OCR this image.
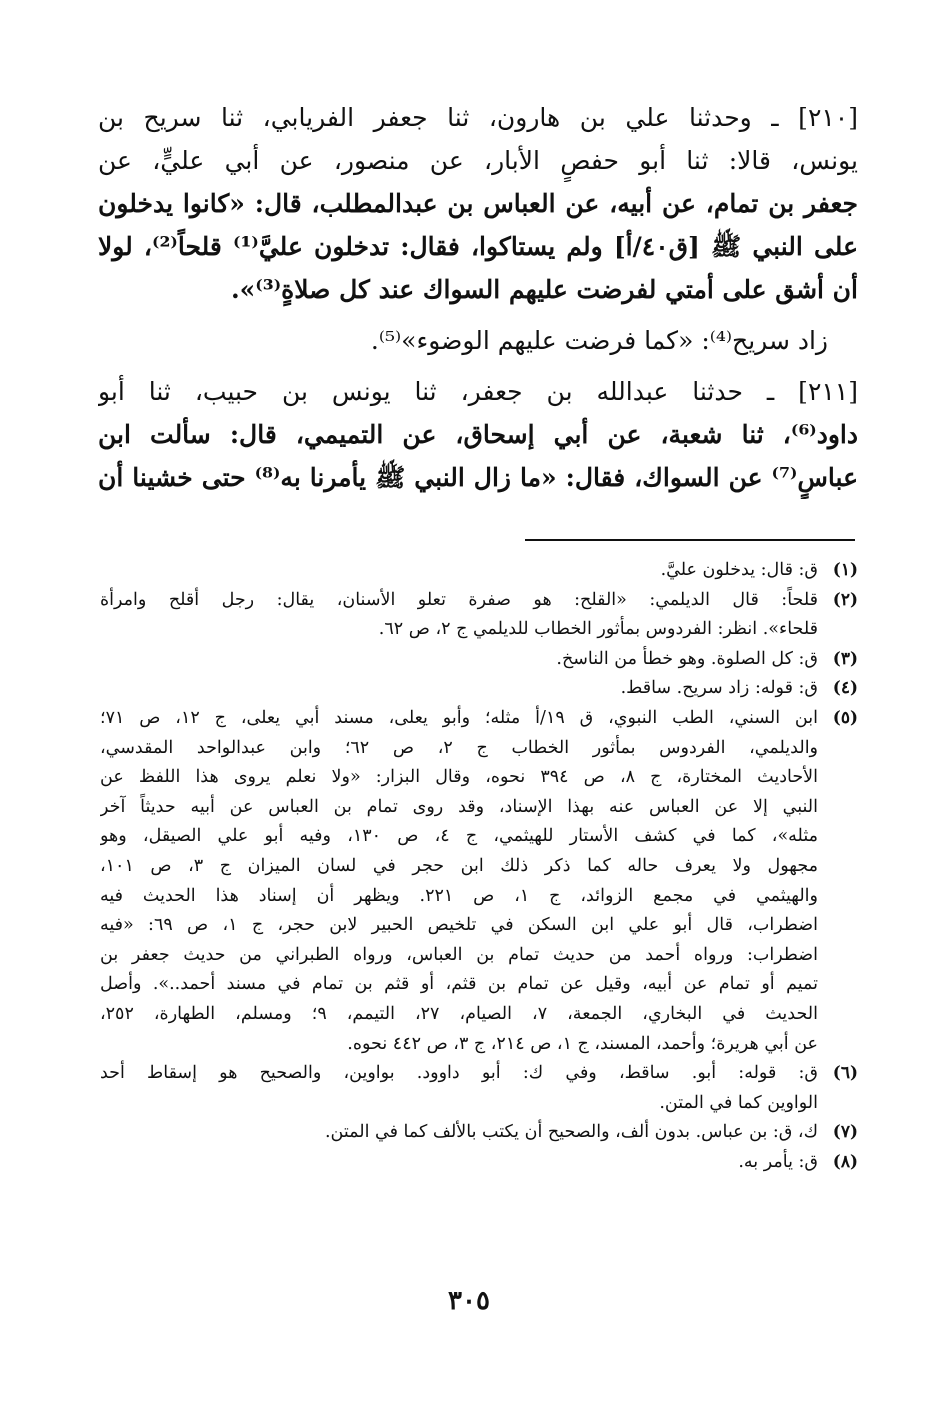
[٢١٠] ـ وحدثنا علي بن هارون، ثنا جعفر الفريابي، ثنا سريح بن
يونس، قالا: ثنا أبو حفصٍ الأبار، عن منصور، عن أبي عليٍّ، عن
جعفر بن تمام، عن أبيه، عن العباس بن عبدالمطلب، قال: «كانوا يدخلون
على النبي ﷺ [ق٤٠/أ] ولم يستاكوا، فقال: تدخلون عليَّ⁽¹⁾ قلحاً⁽²⁾، لولا
أن أشق على أمتي لفرضت عليهم السواك عند كل صلاةٍ⁽³⁾».
زاد سريح⁽⁴⁾: «كما فرضت عليهم الوضوء»⁽⁵⁾.
[٢١١] ـ حدثنا عبدالله بن جعفر، ثنا يونس بن حبيب، ثنا أبو
داود⁽⁶⁾، ثنا شعبة، عن أبي إسحاق، عن التميمي، قال: سألت ابن
عباسٍ⁽⁷⁾ عن السواك، فقال: «ما زال النبي ﷺ يأمرنا به⁽⁸⁾ حتى خشينا أن
(١)
ق: قال: يدخلون عليَّ.
(٢)
قلحاً: قال الديلمي: «القلح: هو صفرة تعلو الأسنان، يقال: رجل أقلح وامرأة
قلحاء». انظر: الفردوس بمأثور الخطاب للديلمي ج ٢، ص ٦٢.
(٣)
ق: كل الصلوة. وهو خطأ من الناسخ.
(٤)
ق: قوله: زاد سريح. ساقط.
(٥)
ابن السني، الطب النبوي، ق ١٩/أ مثله؛ وأبو يعلى، مسند أبي يعلى، ج ١٢، ص ٧١؛
والديلمي، الفردوس بمأثور الخطاب ج ٢، ص ٦٢؛ وابن عبدالواحد المقدسي،
الأحاديث المختارة، ج ٨، ص ٣٩٤ نحوه، وقال البزار: «ولا نعلم يروى هذا اللفظ عن
النبي إلا عن العباس عنه بهذا الإسناد، وقد روى تمام بن العباس عن أبيه حديثاً آخر
مثله»، كما في كشف الأستار للهيثمي، ج ٤، ص ١٣٠، وفيه أبو علي الصيقل، وهو
مجهول ولا يعرف حاله كما ذكر ذلك ابن حجر في لسان الميزان ج ٣، ص ١٠١،
والهيثمي في مجمع الزوائد، ج ١، ص ٢٢١. ويظهر أن إسناد هذا الحديث فيه
اضطراب، قال أبو علي ابن السكن في تلخيص الحبير لابن حجر، ج ١، ص ٦٩: «فيه
اضطراب: ورواه أحمد من حديث تمام بن العباس، ورواه الطبراني من حديث جعفر بن
تميم أو تمام عن أبيه، وقيل عن تمام بن قثم، أو قثم بن تمام في مسند أحمد..». وأصل
الحديث في البخاري، الجمعة، ٧، الصيام، ٢٧، التيمم، ٩؛ ومسلم، الطهارة، ٢٥٢،
عن أبي هريرة؛ وأحمد، المسند، ج ١، ص ٢١٤، ج ٣، ص ٤٤٢ نحوه.
(٦)
ق: قوله: أبو. ساقط، وفي ك: أبو داوود. بواوين، والصحيح هو إسقاط أحد
الواوين كما في المتن.
(٧)
ك، ق: بن عباس. بدون ألف، والصحيح أن يكتب بالألف كما في المتن.
(٨)
ق: يأمر به.
٣٠٥
